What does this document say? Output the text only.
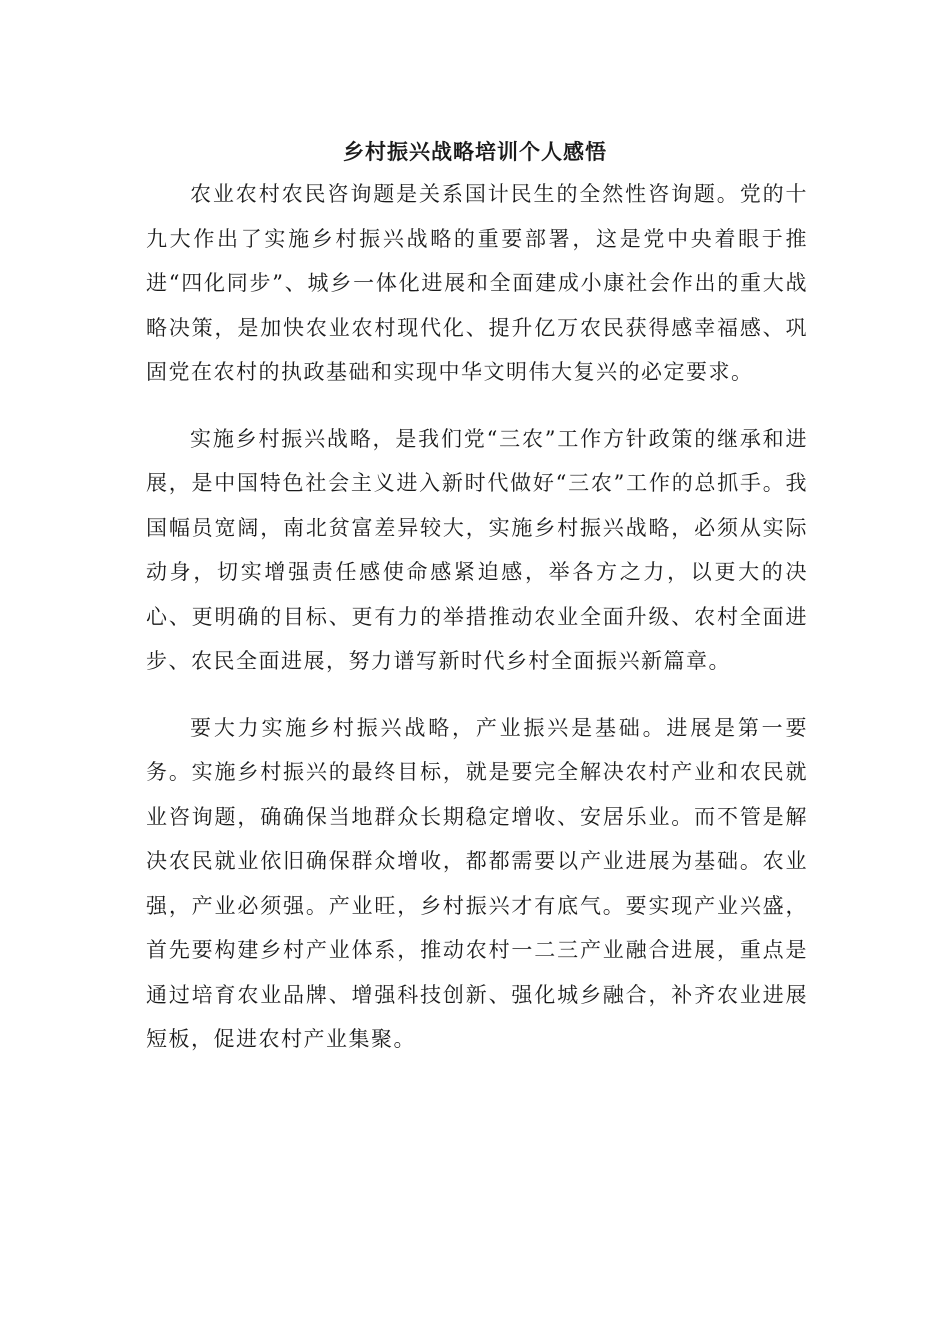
乡村振兴战略培训个人感悟

农业农村农民咨询题是关系国计民生的全然性咨询题。党的十九大作出了实施乡村振兴战略的重要部署，这是党中央着眼于推进“四化同步”、城乡一体化进展和全面建成小康社会作出的重大战略决策，是加快农业农村现代化、提升亿万农民获得感幸福感、巩固党在农村的执政基础和实现中华文明伟大复兴的必定要求。

实施乡村振兴战略，是我们党“三农”工作方针政策的继承和进展，是中国特色社会主义进入新时代做好“三农”工作的总抓手。我国幅员宽阔，南北贫富差异较大，实施乡村振兴战略，必须从实际动身，切实增强责任感使命感紧迫感，举各方之力，以更大的决心、更明确的目标、更有力的举措推动农业全面升级、农村全面进步、农民全面进展，努力谱写新时代乡村全面振兴新篇章。

要大力实施乡村振兴战略，产业振兴是基础。进展是第一要务。实施乡村振兴的最终目标，就是要完全解决农村产业和农民就业咨询题，确确保当地群众长期稳定增收、安居乐业。而不管是解决农民就业依旧确保群众增收，都都需要以产业进展为基础。农业强，产业必须强。产业旺，乡村振兴才有底气。要实现产业兴盛，首先要构建乡村产业体系，推动农村一二三产业融合进展，重点是通过培育农业品牌、增强科技创新、强化城乡融合，补齐农业进展短板，促进农村产业集聚。
